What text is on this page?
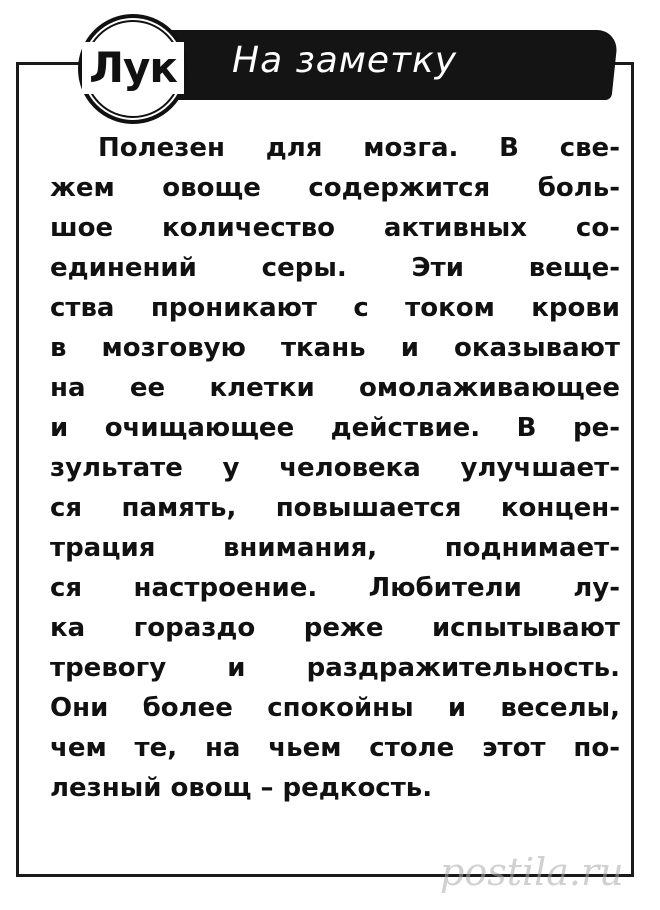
На заметку
Лук
Полезен для мозга. В све-
жем овоще содержится боль-
шое количество активных со-
единений серы. Эти веще-
ства проникают с током крови
в мозговую ткань и оказывают
на ее клетки омолаживающее
и очищающее действие. В ре-
зультате у человека улучшает-
ся память, повышается концен-
трация внимания, поднимает-
ся настроение. Любители лу-
ка гораздо реже испытывают
тревогу и раздражительность.
Они более спокойны и веселы,
чем те, на чьем столе этот по-
лезный овощ – редкость.
postila.ru
